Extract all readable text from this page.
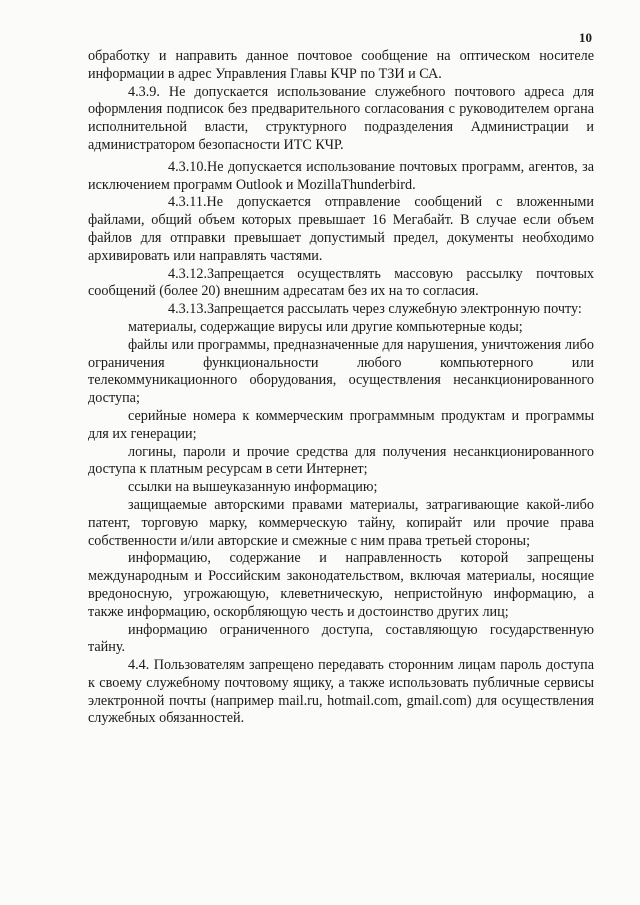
10

обработку и направить данное почтовое сообщение на оптическом носителе информации в адрес Управления Главы КЧР по ТЗИ и СА.

4.3.9. Не допускается использование служебного почтового адреса для оформления подписок без предварительного согласования с руководителем органа исполнительной власти, структурного подразделения Администрации и администратором безопасности ИТС КЧР.

4.3.10.Не допускается использование почтовых программ, агентов, за исключением программ Outlook и MozillaThunderbird.

4.3.11.Не допускается отправление сообщений с вложенными файлами, общий объем которых превышает 16 Мегабайт. В случае если объем файлов для отправки превышает допустимый предел, документы необходимо архивировать или направлять частями.

4.3.12.Запрещается осуществлять массовую рассылку почтовых сообщений (более 20) внешним адресатам без их на то согласия.

4.3.13.Запрещается рассылать через служебную электронную почту:

материалы, содержащие вирусы или другие компьютерные коды;

файлы или программы, предназначенные для нарушения, уничтожения либо ограничения функциональности любого компьютерного или телекоммуникационного оборудования, осуществления несанкционированного доступа;

серийные номера к коммерческим программным продуктам и программы для их генерации;

логины, пароли и прочие средства для получения несанкционированного доступа к платным ресурсам в сети Интернет;

ссылки на вышеуказанную информацию;

защищаемые авторскими правами материалы, затрагивающие какой-либо патент, торговую марку, коммерческую тайну, копирайт или прочие права собственности и/или авторские и смежные с ним права третьей стороны;

информацию, содержание и направленность которой запрещены международным и Российским законодательством, включая материалы, носящие вредоносную, угрожающую, клеветническую, непристойную информацию, а также информацию, оскорбляющую честь и достоинство других лиц;

информацию ограниченного доступа, составляющую государственную тайну.

4.4. Пользователям запрещено передавать сторонним лицам пароль доступа к своему служебному почтовому ящику, а также использовать публичные сервисы электронной почты (например mail.ru, hotmail.com, gmail.com) для осуществления служебных обязанностей.
